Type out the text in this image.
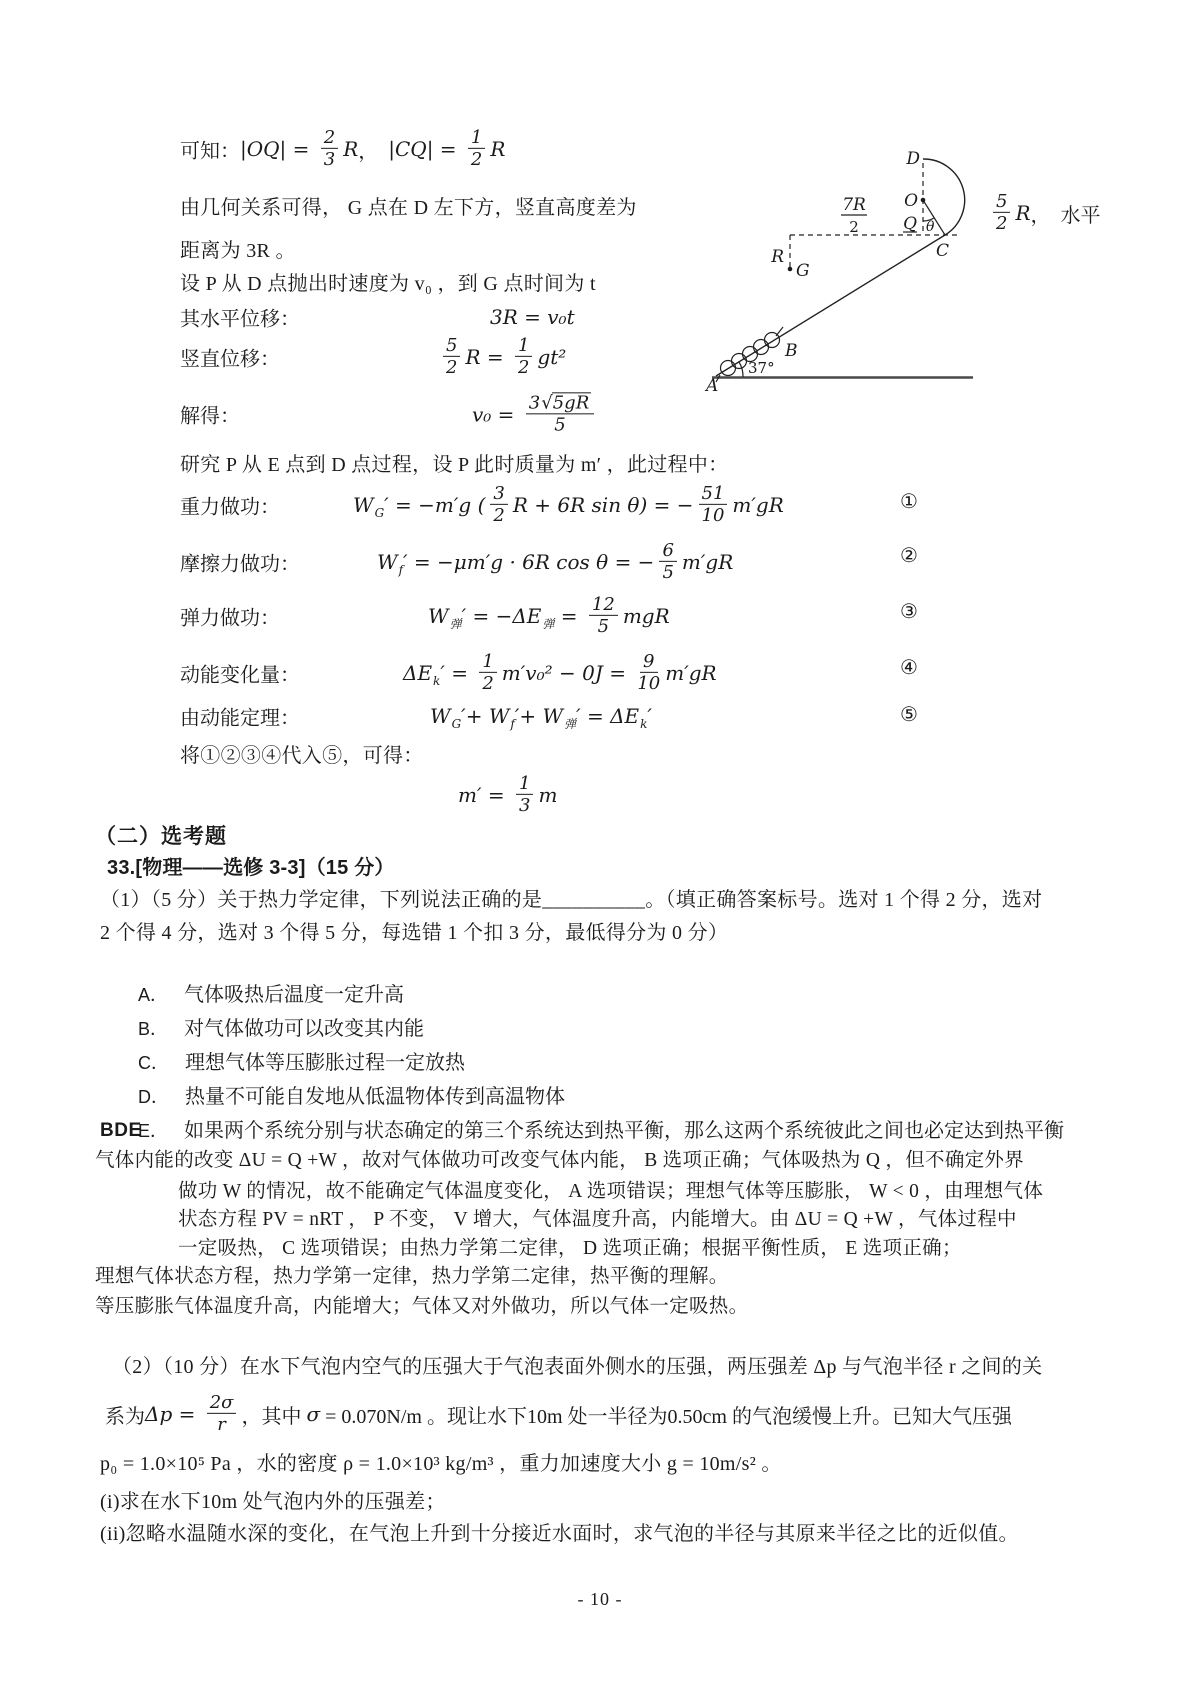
可知： $|OQ| = \frac{2}{3}$ R ， $|CQ| = \frac{1}{2}$ R
由几何关系可得， G 点在 D 左下方，竖直高度差为	$\frac{5}{2}$ R ，  水平
距离为 3R 。
设 P 从 D 点抛出时速度为 v₀ ，到 G 点时间为 t
其水平位移：	3R = v₀t
竖直位移：	$\frac{5}{2}$ $R = \frac{1}{2} gt^2$
解得：	$v_0 = \frac{3 √ 5gR}{5}$
研究 P 从 E 点到 D 点过程，设 P 此时质量为 m′ ，此过程中：
重力做功：	$W_G$ ′ = −m′g ( $\frac{3}{2}$ R + 6R sin θ) = − $\frac{51}{10} m'gR$
摩擦力做功：	$W_f$ ′ = −μm′g · 6R cos θ = − $\frac{6}{5} m'gR$
弹力做功：	$W_弹$ ′ = $-\Delta E_弹 = \frac{12}{5}$ mgR
动能变化量：	$\Delta E_k$ ′ = $\frac{1}{2} m'v_0^2 - 0J = \frac{9}{10} m'gR$
由动能定理：	$W_G$ ′+ $W_f$ ′+ $W_弹$ ′ = $\Delta E_k$ ′
①
②
③
④
⑤
将①②③④代入⑤，可得：
$m' = \frac{1}{3}$ m
A
B
C
D
O
Q
G
θ
37°
R
7R
2
（二）选考题
33.[物理——选修 3-3]（15 分）
（1）（5 分）关于热力学定律，下列说法正确的是__________。（填正确答案标号。选对 1 个得 2 分，选对
2 个得 4 分，选对 3 个得 5 分，每选错 1 个扣 3 分，最低得分为 0 分）

A． 气体吸热后温度一定升高

B． 对气体做功可以改变其内能

C． 理想气体等压膨胀过程一定放热

D． 热量不可能自发地从低温物体传到高温物体

E． 如果两个系统分别与状态确定的第三个系统达到热平衡，那么这两个系统彼此之间也必定达到热平衡

BDE
气体内能的改变 ΔU = Q +W ，故对气体做功可改变气体内能， B 选项正确；气体吸热为 Q ，但不确定外界
做功 W 的情况，故不能确定气体温度变化， A 选项错误；理想气体等压膨胀， W < 0 ，由理想气体
状态方程 PV = nRT ， P 不变， V 增大，气体温度升高，内能增大。由 ΔU = Q +W ，气体过程中
一定吸热， C 选项错误；由热力学第二定律， D 选项正确；根据平衡性质， E 选项正确；
理想气体状态方程，热力学第一定律，热力学第二定律，热平衡的理解。
等压膨胀气体温度升高，内能增大；气体又对外做功，所以气体一定吸热。
（2）（10 分）在水下气泡内空气的压强大于气泡表面外侧水的压强，两压强差 Δp 与气泡半径 r 之间的关
系为 $\Delta p = \frac{2\sigma}{r}$ ，其中 σ = 0.070N/m 。现让水下10m 处一半径为0.50cm 的气泡缓慢上升。已知大气压强
p₀ = 1.0×10⁵ Pa ，水的密度 ρ = 1.0×10³ kg/m³ ，重力加速度大小 g = 10m/s² 。
(i)求在水下10m 处气泡内外的压强差；
(ii)忽略水温随水深的变化，在气泡上升到十分接近水面时，求气泡的半径与其原来半径之比的近似值。
- 10 -
